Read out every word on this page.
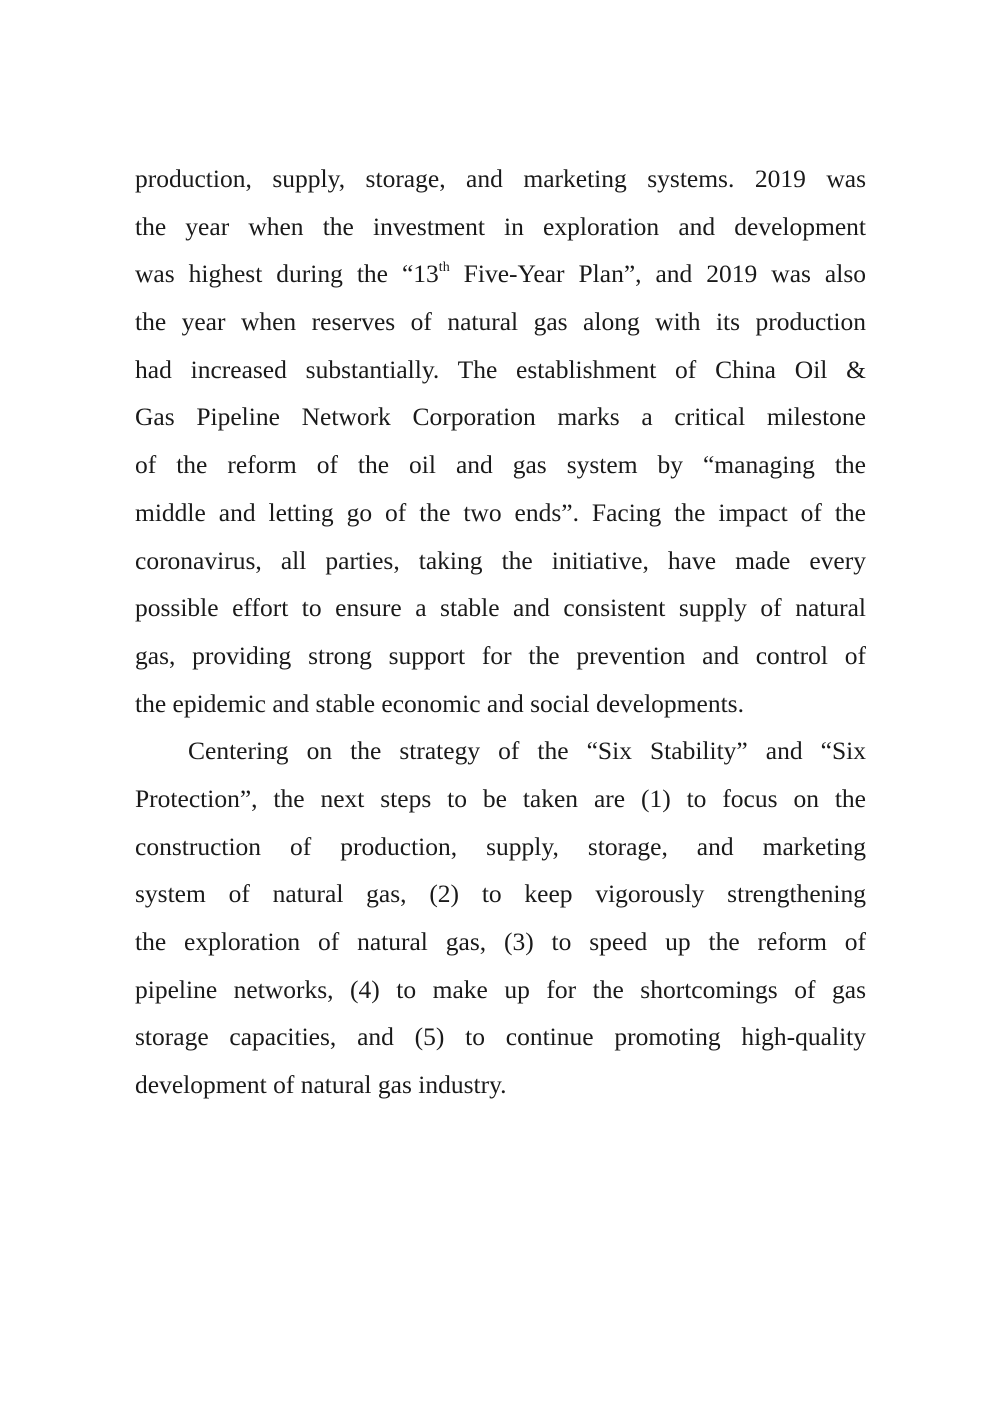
production, supply, storage, and marketing systems. 2019 was
the year when the investment in exploration and development
was highest during the “13th Five-Year Plan”, and 2019 was also
the year when reserves of natural gas along with its production
had increased substantially. The establishment of China Oil &
Gas Pipeline Network Corporation marks a critical milestone
of the reform of the oil and gas system by “managing the
middle and letting go of the two ends”. Facing the impact of the
coronavirus, all parties, taking the initiative, have made every
possible effort to ensure a stable and consistent supply of natural
gas, providing strong support for the prevention and control of
the epidemic and stable economic and social developments.
Centering on the strategy of the “Six Stability” and “Six
Protection”, the next steps to be taken are (1) to focus on the
construction of production, supply, storage, and marketing
system of natural gas, (2) to keep vigorously strengthening
the exploration of natural gas, (3) to speed up the reform of
pipeline networks, (4) to make up for the shortcomings of gas
storage capacities, and (5) to continue promoting high-quality
development of natural gas industry.
